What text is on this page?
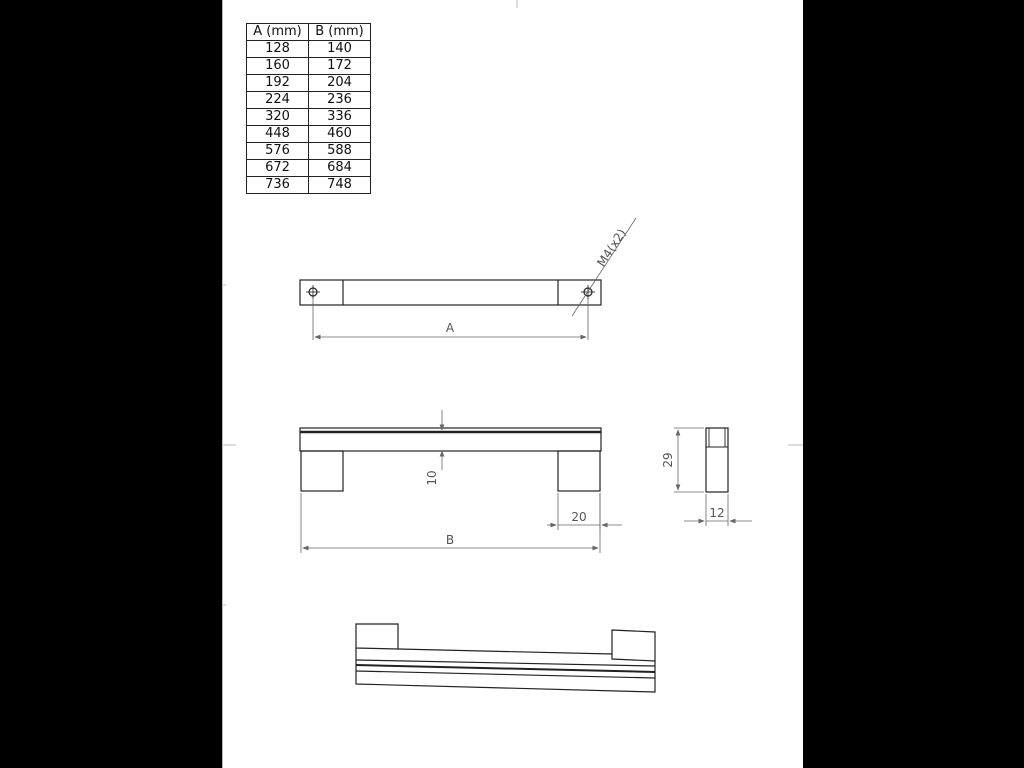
A (mm)	B (mm)
128	140
160	172
192	204
224	236
320	336
448	460
576	588
672	684
736	748
A
M4(x2)
10
20
B
29
12
